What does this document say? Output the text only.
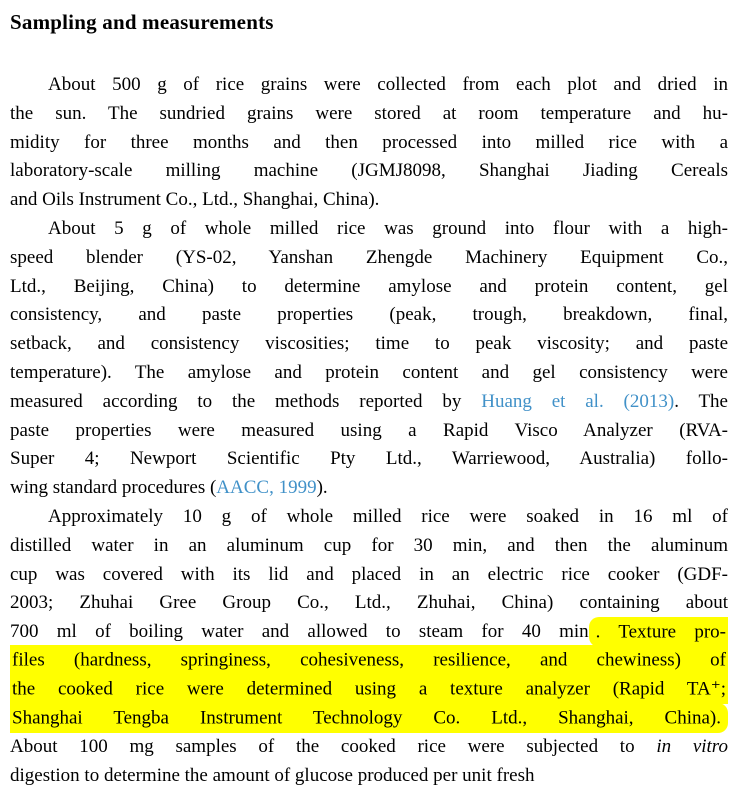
Sampling and measurements
About 500 g of rice grains were collected from each plot and dried in
the sun. The sundried grains were stored at room temperature and hu-
midity for three months and then processed into milled rice with a
laboratory-scale milling machine (JGMJ8098, Shanghai Jiading Cereals
and Oils Instrument Co., Ltd., Shanghai, China).
About 5 g of whole milled rice was ground into flour with a high-
speed blender (YS-02, Yanshan Zhengde Machinery Equipment Co.,
Ltd., Beijing, China) to determine amylose and protein content, gel
consistency, and paste properties (peak, trough, breakdown, final,
setback, and consistency viscosities; time to peak viscosity; and paste
temperature). The amylose and protein content and gel consistency were
measured according to the methods reported by Huang et al. (2013). The
paste properties were measured using a Rapid Visco Analyzer (RVA-
Super 4; Newport Scientific Pty Ltd., Warriewood, Australia) follo-
wing standard procedures (AACC, 1999).
Approximately 10 g of whole milled rice were soaked in 16 ml of
distilled water in an aluminum cup for 30 min, and then the aluminum
cup was covered with its lid and placed in an electric rice cooker (GDF-
2003; Zhuhai Gree Group Co., Ltd., Zhuhai, China) containing about
700 ml of boiling water and allowed to steam for 40 min . Texture pro-
files (hardness, springiness, cohesiveness, resilience, and chewiness) of
the cooked rice were determined using a texture analyzer (Rapid TA⁺;
Shanghai Tengba Instrument Technology Co. Ltd., Shanghai, China).
About 100 mg samples of the cooked rice were subjected to in vitro
digestion to determine the amount of glucose produced per unit fresh
